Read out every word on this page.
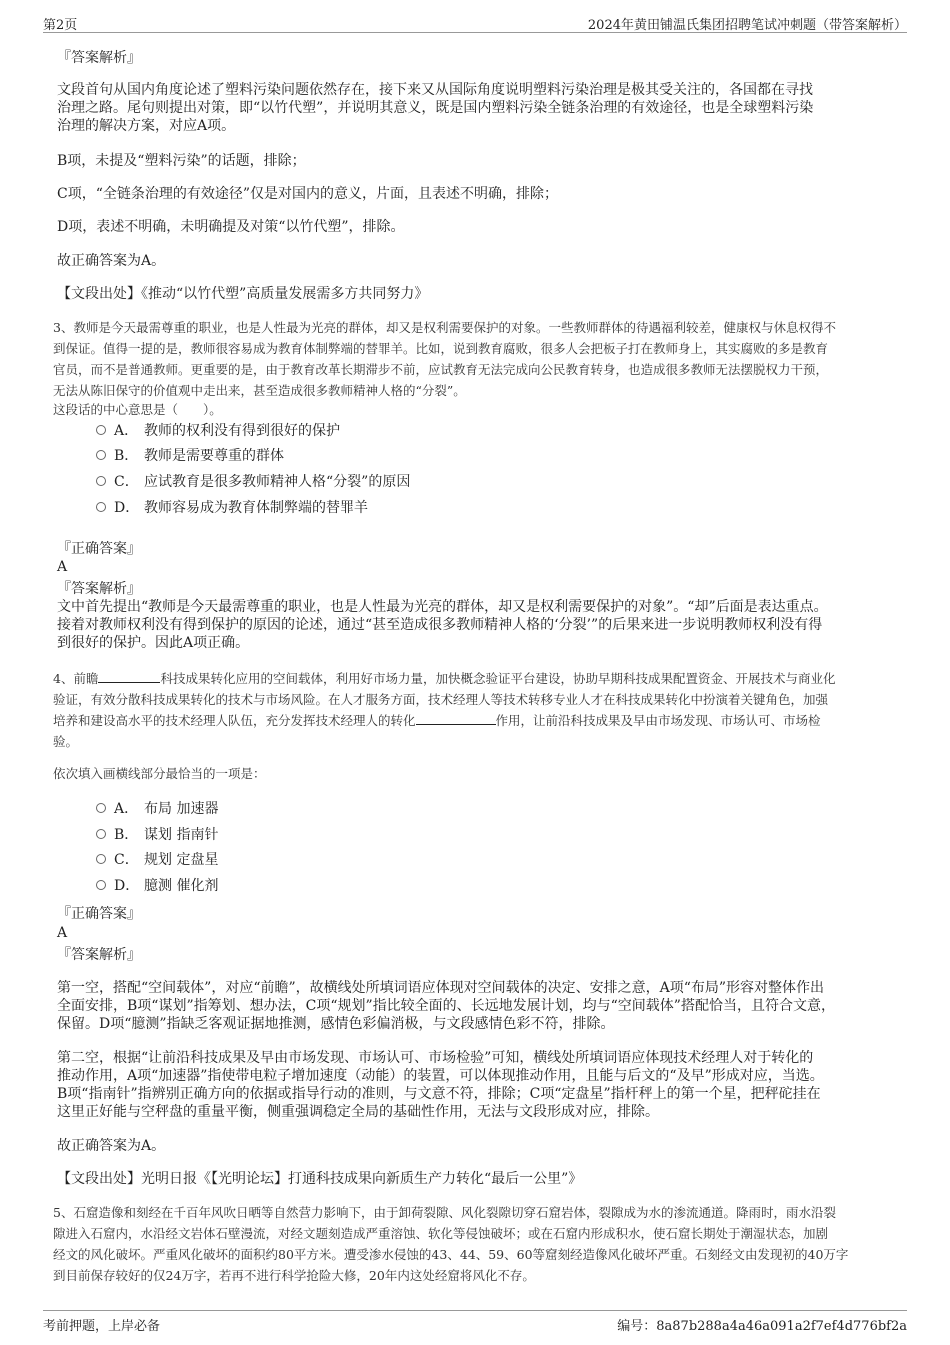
第2页	2024年黄田铺温氏集团招聘笔试冲刺题（带答案解析）
『答案解析』
文段首句从国内角度论述了塑料污染问题依然存在，接下来又从国际角度说明塑料污染治理是极其受关注的，各国都在寻找
治理之路。尾句则提出对策，即“以竹代塑”，并说明其意义，既是国内塑料污染全链条治理的有效途径，也是全球塑料污染
治理的解决方案，对应A项。
B项，未提及“塑料污染”的话题，排除；
C项，“全链条治理的有效途径”仅是对国内的意义，片面，且表述不明确，排除；
D项，表述不明确，未明确提及对策“以竹代塑”，排除。
故正确答案为A。
【文段出处】《推动“以竹代塑”高质量发展需多方共同努力》
3、教师是今天最需尊重的职业，也是人性最为光亮的群体，却又是权利需要保护的对象。一些教师群体的待遇福利较差，健康权与休息权得不
到保证。值得一提的是，教师很容易成为教育体制弊端的替罪羊。比如，说到教育腐败，很多人会把板子打在教师身上，其实腐败的多是教育
官员，而不是普通教师。更重要的是，由于教育改革长期滞步不前，应试教育无法完成向公民教育转身，也造成很多教师无法摆脱权力干预，
无法从陈旧保守的价值观中走出来，甚至造成很多教师精神人格的“分裂”。
这段话的中心意思是（　　）。
A． 教师的权利没有得到很好的保护
B． 教师是需要尊重的群体
C． 应试教育是很多教师精神人格“分裂”的原因
D． 教师容易成为教育体制弊端的替罪羊
『正确答案』
A
『答案解析』
文中首先提出“教师是今天最需尊重的职业，也是人性最为光亮的群体，却又是权利需要保护的对象”。“却”后面是表达重点。
接着对教师权利没有得到保护的原因的论述，通过“甚至造成很多教师精神人格的‘分裂’”的后果来进一步说明教师权利没有得
到很好的保护。因此A项正确。
4、前瞻	科技成果转化应用的空间载体，利用好市场力量，加快概念验证平台建设，协助早期科技成果配置资金、开展技术与商业化
验证，有效分散科技成果转化的技术与市场风险。在人才服务方面，技术经理人等技术转移专业人才在科技成果转化中扮演着关键角色，加强
培养和建设高水平的技术经理人队伍，充分发挥技术经理人的转化	作用，让前沿科技成果及早由市场发现、市场认可、市场检
验。
依次填入画横线部分最恰当的一项是：
A． 布局 加速器
B． 谋划 指南针
C． 规划 定盘星
D． 臆测 催化剂
『正确答案』
A
『答案解析』
第一空，搭配“空间载体”，对应“前瞻”，故横线处所填词语应体现对空间载体的决定、安排之意，A项“布局”形容对整体作出
全面安排，B项“谋划”指筹划、想办法，C项“规划”指比较全面的、长远地发展计划，均与“空间载体”搭配恰当，且符合文意，
保留。D项“臆测”指缺乏客观证据地推测，感情色彩偏消极，与文段感情色彩不符，排除。
第二空，根据“让前沿科技成果及早由市场发现、市场认可、市场检验”可知，横线处所填词语应体现技术经理人对于转化的
推动作用，A项“加速器”指使带电粒子增加速度（动能）的装置，可以体现推动作用，且能与后文的“及早”形成对应，当选。
B项“指南针”指辨别正确方向的依据或指导行动的准则，与文意不符，排除；C项“定盘星”指杆秤上的第一个星，把秤砣挂在
这里正好能与空秤盘的重量平衡，侧重强调稳定全局的基础性作用，无法与文段形成对应，排除。
故正确答案为A。
【文段出处】光明日报《【光明论坛】打通科技成果向新质生产力转化“最后一公里”》
5、石窟造像和刻经在千百年风吹日晒等自然营力影响下，由于卸荷裂隙、风化裂隙切穿石窟岩体，裂隙成为水的渗流通道。降雨时，雨水沿裂
隙进入石窟内，水沿经文岩体石壁漫流，对经文题刻造成严重溶蚀、软化等侵蚀破坏；或在石窟内形成积水，使石窟长期处于潮湿状态，加剧
经文的风化破坏。严重风化破坏的面积约80平方米。遭受渗水侵蚀的43、44、59、60等窟刻经造像风化破坏严重。石刻经文由发现初的40万字
到目前保存较好的仅24万字，若再不进行科学抢险大修，20年内这处经窟将风化不存。
考前押题，上岸必备	编号：8a87b288a4a46a091a2f7ef4d776bf2a
